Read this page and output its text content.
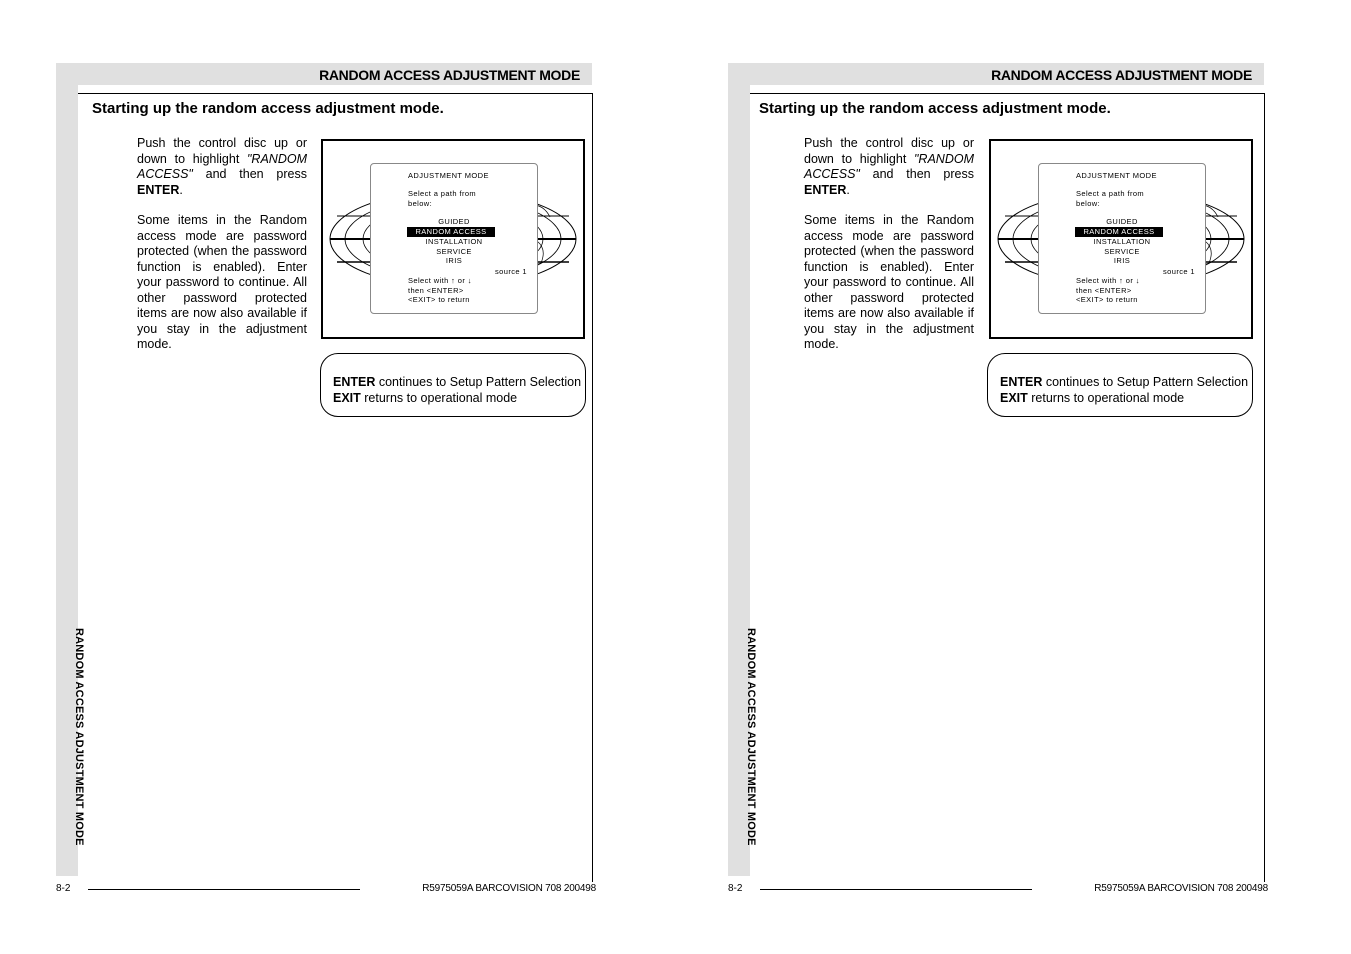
RANDOM ACCESS ADJUSTMENT MODE
RANDOM ACCESS ADJUSTMENT MODE
Starting up the random access adjustment mode.

Push the control disc up or down to highlight "RANDOM ACCESS" and then press ENTER.

Some items in the Random access mode are password protected (when the password function is enabled). Enter your password to continue. All other password protected items are now also available if you stay in the adjustment mode.

ADJUSTMENT MODE
Select a path from below:
GUIDED
RANDOM ACCESS
INSTALLATION
SERVICE
IRIS
source 1
Select with ↑ or ↓
then <ENTER>
<EXIT> to return
ENTER continues to Setup Pattern Selection
EXIT returns to operational mode
8-2	R5975059A BARCOVISION 708 200498
RANDOM ACCESS ADJUSTMENT MODE
RANDOM ACCESS ADJUSTMENT MODE
Starting up the random access adjustment mode.

Push the control disc up or down to highlight "RANDOM ACCESS" and then press ENTER.

Some items in the Random access mode are password protected (when the password function is enabled). Enter your password to continue. All other password protected items are now also available if you stay in the adjustment mode.

ADJUSTMENT MODE
Select a path from below:
GUIDED
RANDOM ACCESS
INSTALLATION
SERVICE
IRIS
source 1
Select with ↑ or ↓
then <ENTER>
<EXIT> to return
ENTER continues to Setup Pattern Selection
EXIT returns to operational mode
8-2	R5975059A BARCOVISION 708 200498
